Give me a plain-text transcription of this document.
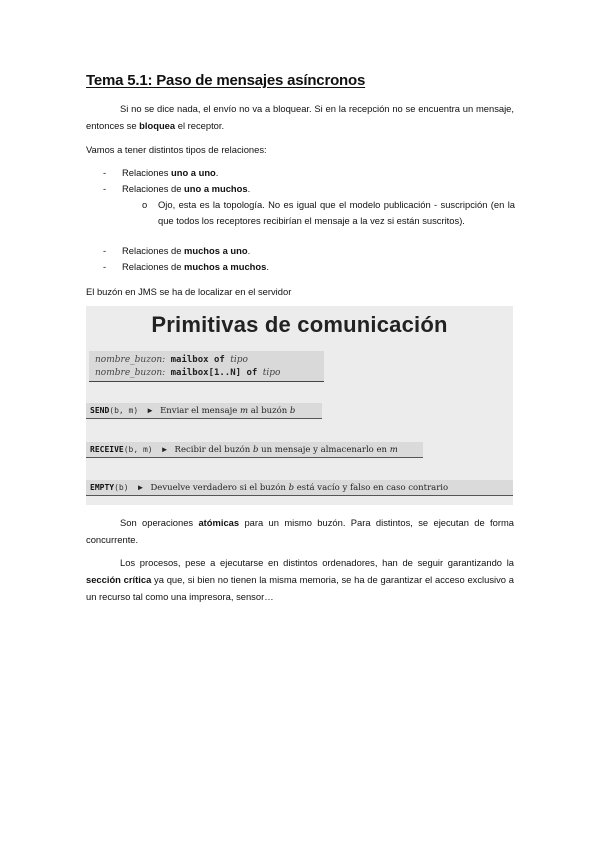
Tema 5.1: Paso de mensajes asíncronos
Si no se dice nada, el envío no va a bloquear. Si en la recepción no se encuentra un mensaje, entonces se bloquea el receptor.
Vamos a tener distintos tipos de relaciones:
- Relaciones uno a uno.
- Relaciones de uno a muchos.
o Ojo, esta es la topología. No es igual que el modelo publicación - suscripción (en la que todos los receptores recibirían el mensaje a la vez si están suscritos).
- Relaciones de muchos a uno.
- Relaciones de muchos a muchos.
El buzón en JMS se ha de localizar en el servidor
Primitivas de comunicación
nombre_buzon: mailbox of tipo
nombre_buzon: mailbox[1..N] of tipo
SEND(b, m) ► Enviar el mensaje m al buzón b
RECEIVE(b, m) ► Recibir del buzón b un mensaje y almacenarlo en m
EMPTY(b) ► Devuelve verdadero si el buzón b está vacío y falso en caso contrario
Son operaciones atómicas para un mismo buzón. Para distintos, se ejecutan de forma concurrente.
Los procesos, pese a ejecutarse en distintos ordenadores, han de seguir garantizando la sección crítica ya que, si bien no tienen la misma memoria, se ha de garantizar el acceso exclusivo a un recurso tal como una impresora, sensor…
